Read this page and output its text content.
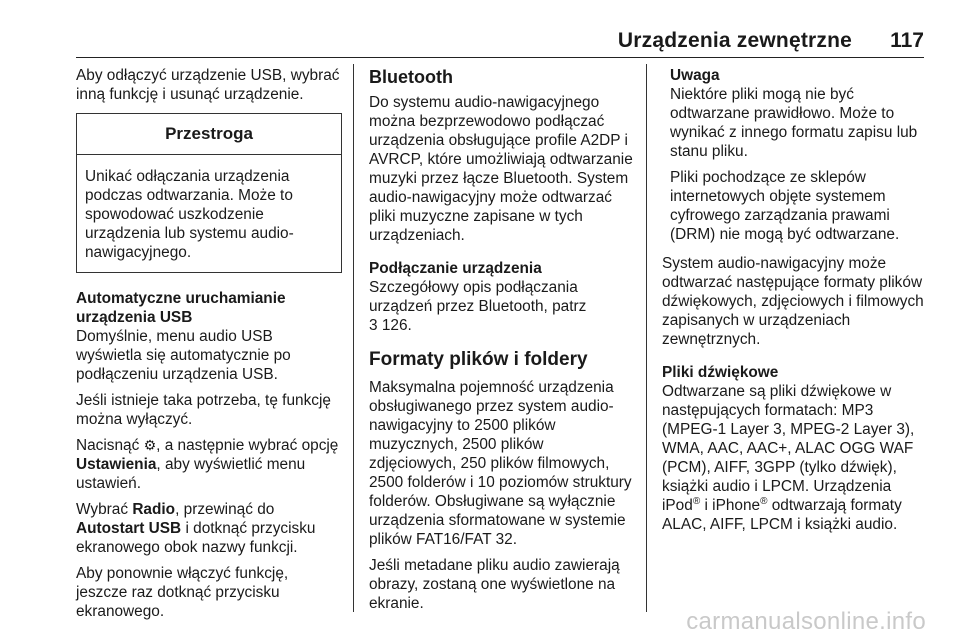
Urządzenia zewnętrzne 117

Aby odłączyć urządzenie USB, wybrać inną funkcję i usunąć urządzenie.

Przestroga
Unikać odłączania urządzenia podczas odtwarzania. Może to spowodować uszkodzenie urządzenia lub systemu audio-nawigacyjnego.

Automatyczne uruchamianie urządzenia USB

Domyślnie, menu audio USB wyświetla się automatycznie po podłączeniu urządzenia USB.

Jeśli istnieje taka potrzeba, tę funkcję można wyłączyć.

Nacisnąć ⚙, a następnie wybrać opcję Ustawienia, aby wyświetlić menu ustawień.

Wybrać Radio, przewinąć do Autostart USB i dotknąć przycisku ekranowego obok nazwy funkcji.

Aby ponownie włączyć funkcję, jeszcze raz dotknąć przycisku ekranowego.

Bluetooth

Do systemu audio-nawigacyjnego można bezprzewodowo podłączać urządzenia obsługujące profile A2DP i AVRCP, które umożliwiają odtwarzanie muzyki przez łącze Bluetooth. System audio-nawigacyjny może odtwarzać pliki muzyczne zapisane w tych urządzeniach.

Podłączanie urządzenia

Szczegółowy opis podłączania urządzeń przez Bluetooth, patrz
3 126.

Formaty plików i foldery

Maksymalna pojemność urządzenia obsługiwanego przez system audio-nawigacyjny to 2500 plików muzycznych, 2500 plików zdjęciowych, 250 plików filmowych, 2500 folderów i 10 poziomów struktury folderów. Obsługiwane są wyłącznie urządzenia sformatowane w systemie plików FAT16/FAT 32.

Jeśli metadane pliku audio zawierają obrazy, zostaną one wyświetlone na ekranie.

Uwaga

Niektóre pliki mogą nie być odtwarzane prawidłowo. Może to wynikać z innego formatu zapisu lub stanu pliku.

Pliki pochodzące ze sklepów internetowych objęte systemem cyfrowego zarządzania prawami (DRM) nie mogą być odtwarzane.

System audio-nawigacyjny może odtwarzać następujące formaty plików dźwiękowych, zdjęciowych i filmowych zapisanych w urządzeniach zewnętrznych.

Pliki dźwiękowe

Odtwarzane są pliki dźwiękowe w następujących formatach: MP3 (MPEG-1 Layer 3, MPEG-2 Layer 3), WMA, AAC, AAC+, ALAC OGG WAF (PCM), AIFF, 3GPP (tylko dźwięk), książki audio i LPCM. Urządzenia iPod® i iPhone® odtwarzają formaty ALAC, AIFF, LPCM i książki audio.

carmanualsonline.info
